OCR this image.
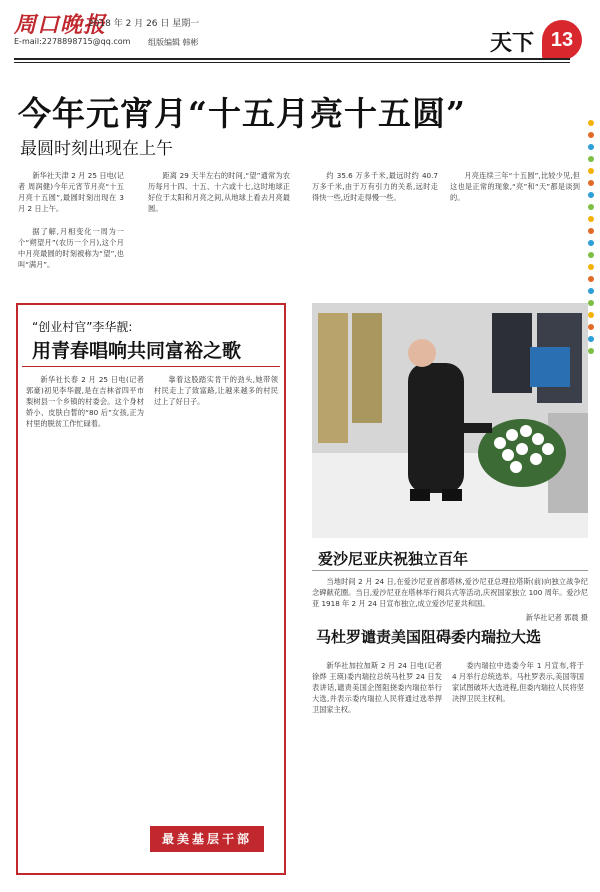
周口晚报
2018 年 2 月 26 日 星期一
E-mail:2278898715@qq.com 组版编辑 韩彬	天下 13
今年元宵月“十五月亮十五圆”
最圆时刻出现在上午

新华社天津 2 月 25 日电(记者 周润健)今年元宵节月亮“十五月亮十五圆”,最圆时刻出现在 3 月 2 日上午。

据了解,月相变化一周为一个“朔望月”(农历一个月),这个月中月亮最圆的时刻被称为“望”,也叫“满月”。

距离 29 天半左右的时间,“望”通常为农历每月十四、十五、十六或十七,这时地球正好位于太阳和月亮之间,从地球上看去月亮最圆。

约 35.6 万多千米,最远时约 40.7 万多千米,由于万有引力的关系,远时走得快一些,近时走得慢一些。

月亮连续三年“十五圆”,比较少见,但这也是正常的现象,“亮”和“天”都是谈到的。

“创业村官”李华靓:
用青春唱响共同富裕之歌

新华社长春 2 月 25 日电(记者 郭豪)初见李华靓,是在吉林省四平市梨树县一个乡镇的村委会。这个身材娇小、皮肤白皙的“80 后”女孩,正为村里的脱贫工作忙碌着。

靠着这股踏实肯干的劲头,她带领村民走上了致富路,让越来越多的村民过上了好日子。

最美基层干部
爱沙尼亚庆祝独立百年

当地时间 2 月 24 日,在爱沙尼亚首都塔林,爱沙尼亚总理拉塔斯(前)向独立战争纪念碑献花圈。当日,爱沙尼亚在塔林举行阅兵式等活动,庆祝国家独立 100 周年。爱沙尼亚 1918 年 2 月 24 日宣布独立,成立爱沙尼亚共和国。

新华社记者 郭晨 摄
马杜罗谴责美国阻碍委内瑞拉大选

新华社加拉加斯 2 月 24 日电(记者 徐烨 王瑛)委内瑞拉总统马杜罗 24 日发表讲话,谴责美国企图阻挠委内瑞拉举行大选,并表示委内瑞拉人民将通过选举捍卫国家主权。

委内瑞拉中选委今年 1 月宣布,将于 4 月举行总统选举。马杜罗表示,美国等国家试图破坏大选进程,但委内瑞拉人民将坚决捍卫民主权利。
